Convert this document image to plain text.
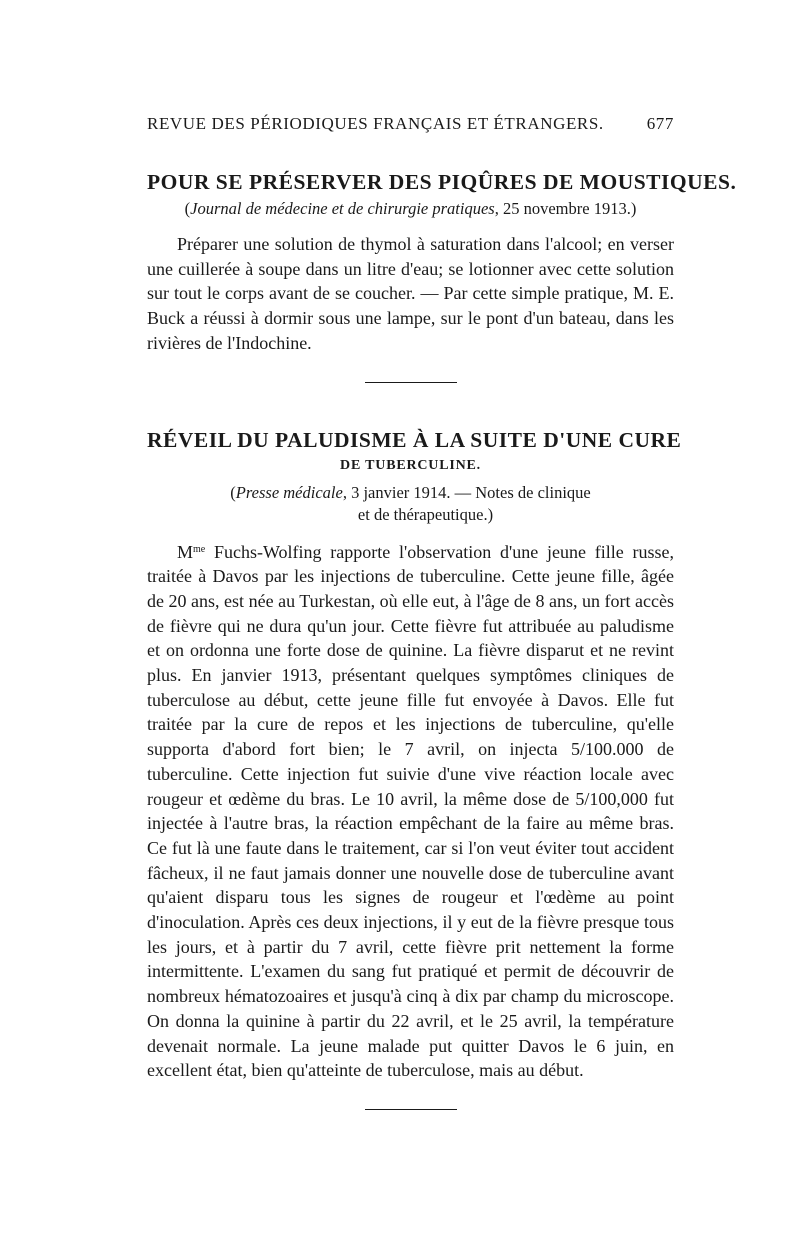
REVUE DES PÉRIODIQUES FRANÇAIS ET ÉTRANGERS.	677
POUR SE PRÉSERVER DES PIQÛRES DE MOUSTIQUES.
(Journal de médecine et de chirurgie pratiques, 25 novembre 1913.)

Préparer une solution de thymol à saturation dans l'alcool; en verser une cuillerée à soupe dans un litre d'eau; se lotionner avec cette solution sur tout le corps avant de se coucher. — Par cette simple pratique, M. E. Buck a réussi à dormir sous une lampe, sur le pont d'un bateau, dans les rivières de l'Indochine.

RÉVEIL DU PALUDISME À LA SUITE D'UNE CURE
DE TUBERCULINE.
(Presse médicale, 3 janvier 1914. — Notes de clinique
et de thérapeutique.)

$M^{me}$ Fuchs-Wolfing rapporte l'observation d'une jeune fille russe, traitée à Davos par les injections de tuberculine. Cette jeune fille, âgée de 20 ans, est née au Turkestan, où elle eut, à l'âge de 8 ans, un fort accès de fièvre qui ne dura qu'un jour. Cette fièvre fut attribuée au paludisme et on ordonna une forte dose de quinine. La fièvre disparut et ne revint plus. En janvier 1913, présentant quelques symptômes cliniques de tuberculose au début, cette jeune fille fut envoyée à Davos. Elle fut traitée par la cure de repos et les injections de tuberculine, qu'elle supporta d'abord fort bien; le 7 avril, on injecta 5/100.000 de tuberculine. Cette injection fut suivie d'une vive réaction locale avec rougeur et œdème du bras. Le 10 avril, la même dose de 5/100,000 fut injectée à l'autre bras, la réaction empêchant de la faire au même bras. Ce fut là une faute dans le traitement, car si l'on veut éviter tout accident fâcheux, il ne faut jamais donner une nouvelle dose de tuberculine avant qu'aient disparu tous les signes de rougeur et l'œdème au point d'inoculation. Après ces deux injections, il y eut de la fièvre presque tous les jours, et à partir du 7 avril, cette fièvre prit nettement la forme intermittente. L'examen du sang fut pratiqué et permit de découvrir de nombreux hématozoaires et jusqu'à cinq à dix par champ du microscope. On donna la quinine à partir du 22 avril, et le 25 avril, la température devenait normale. La jeune malade put quitter Davos le 6 juin, en excellent état, bien qu'atteinte de tuberculose, mais au début.
